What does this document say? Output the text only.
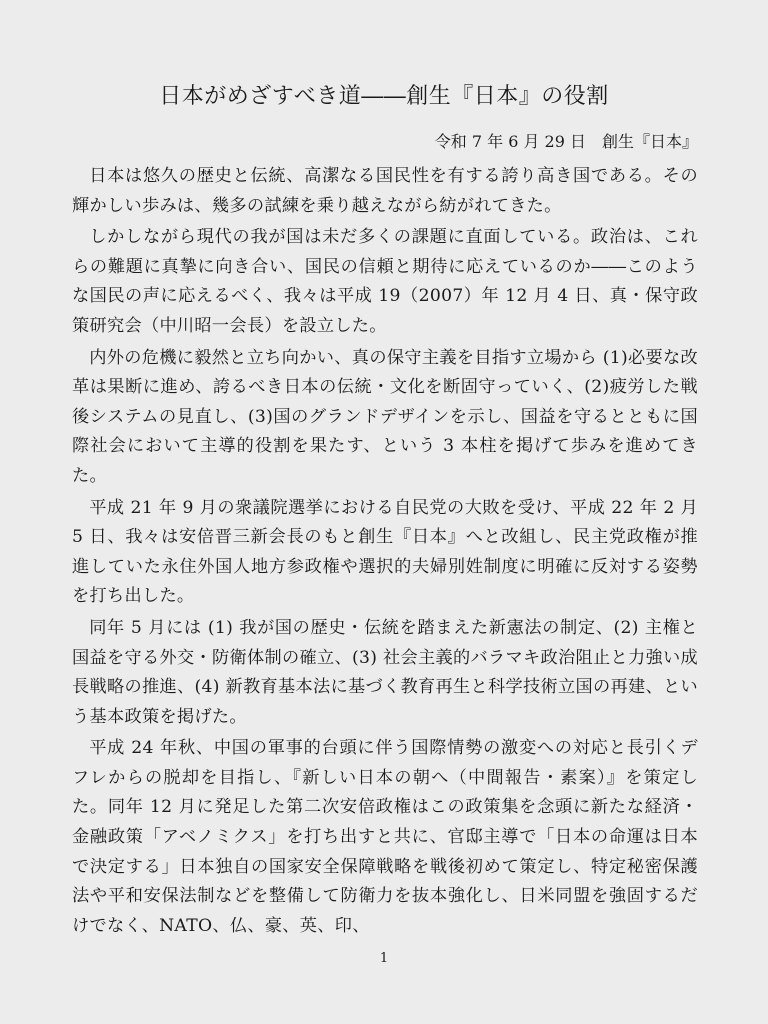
日本がめざすべき道――創生『日本』の役割
令和 7 年 6 月 29 日　創生『日本』

日本は悠久の歴史と伝統、高潔なる国民性を有する誇り高き国である。その輝かしい歩みは、幾多の試練を乗り越えながら紡がれてきた。

しかしながら現代の我が国は未だ多くの課題に直面している。政治は、これらの難題に真摯に向き合い、国民の信頼と期待に応えているのか――このような国民の声に応えるべく、我々は平成 19（2007）年 12 月 4 日、真・保守政策研究会（中川昭一会長）を設立した。

内外の危機に毅然と立ち向かい、真の保守主義を目指す立場から (1)必要な改革は果断に進め、誇るべき日本の伝統・文化を断固守っていく、(2)疲労した戦後システムの見直し、(3)国のグランドデザインを示し、国益を守るとともに国際社会において主導的役割を果たす、という 3 本柱を掲げて歩みを進めてきた。

平成 21 年 9 月の衆議院選挙における自民党の大敗を受け、平成 22 年 2 月 5 日、我々は安倍晋三新会長のもと創生『日本』へと改組し、民主党政権が推進していた永住外国人地方参政権や選択的夫婦別姓制度に明確に反対する姿勢を打ち出した。

同年 5 月には (1) 我が国の歴史・伝統を踏まえた新憲法の制定、(2) 主権と国益を守る外交・防衛体制の確立、(3) 社会主義的バラマキ政治阻止と力強い成長戦略の推進、(4) 新教育基本法に基づく教育再生と科学技術立国の再建、という基本政策を掲げた。

平成 24 年秋、中国の軍事的台頭に伴う国際情勢の激変への対応と長引くデフレからの脱却を目指し、『新しい日本の朝へ（中間報告・素案）』を策定した。同年 12 月に発足した第二次安倍政権はこの政策集を念頭に新たな経済・金融政策「アベノミクス」を打ち出すと共に、官邸主導で「日本の命運は日本で決定する」日本独自の国家安全保障戦略を戦後初めて策定し、特定秘密保護法や平和安保法制などを整備して防衛力を抜本強化し、日米同盟を強固するだけでなく、NATO、仏、豪、英、印、

1
